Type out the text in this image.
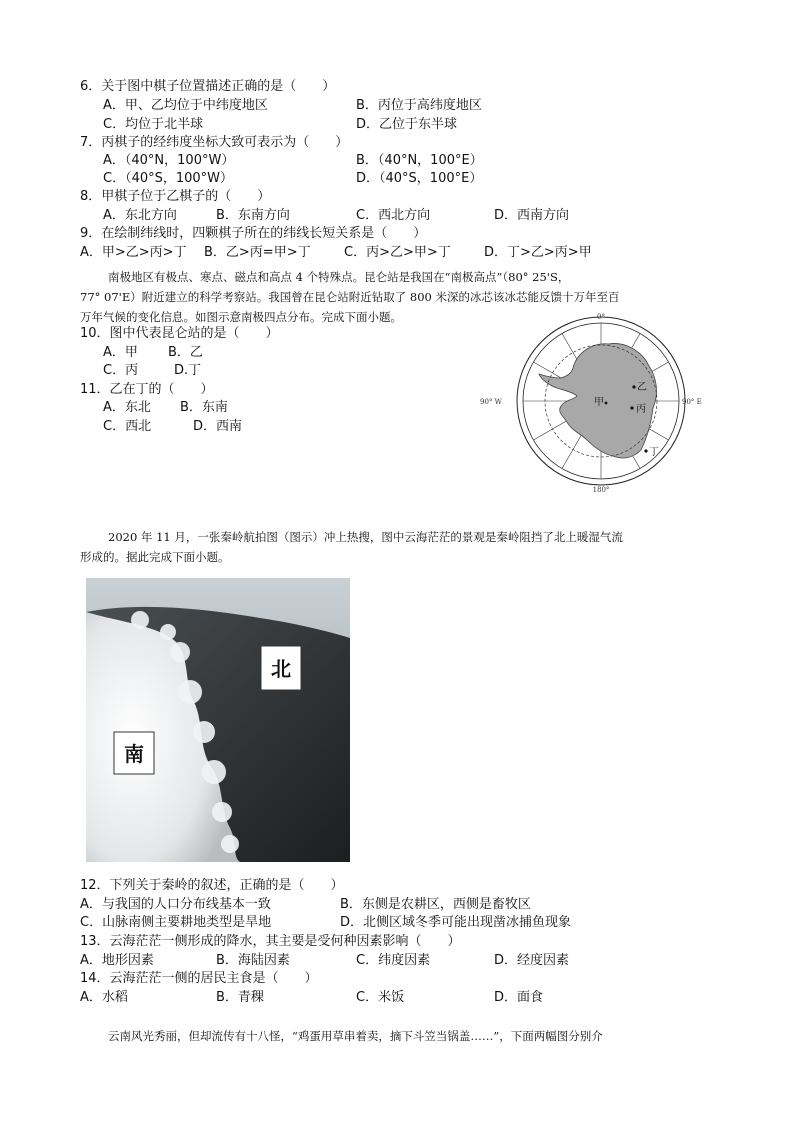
6．关于图中棋子位置描述正确的是（　　）
A．甲、乙均位于中纬度地区	B．丙位于高纬度地区
C．均位于北半球	D．乙位于东半球
7．丙棋子的经纬度坐标大致可表示为（　　）
A．（40°N，100°W）	B．（40°N，100°E）
C．（40°S，100°W）	D．（40°S，100°E）
8．甲棋子位于乙棋子的（　　）
A．东北方向	B．东南方向	C．西北方向	D．西南方向
9．在绘制纬线时，四颗棋子所在的纬线长短关系是（　　）
A．甲>乙>丙>丁 B．乙>丙=甲>丁	C．丙>乙>甲>丁	D．丁>乙>丙>甲
南极地区有极点、寒点、磁点和高点 4 个特殊点。昆仑站是我国在“南极高点”（80° 25'S，
77° 07'E）附近建立的科学考察站。我国曾在昆仑站附近钻取了 800 米深的冰芯该冰芯能反馈十万年至百
万年气候的变化信息。如图示意南极四点分布。完成下面小题。
10．图中代表昆仑站的是（　　）
A．甲 B．乙
C．丙	D.丁
11．乙在丁的（　　）
A．东北 B．东南
C．西北	D．西南
0°
180°
90° W	90° E
甲
乙
丙
丁
2020 年 11 月，一张秦岭航拍图（图示）冲上热搜，图中云海茫茫的景观是秦岭阻挡了北上暖湿气流
形成的。据此完成下面小题。
北
南
12．下列关于秦岭的叙述，正确的是（　　）
A．与我国的人口分布线基本一致	B．东侧是农耕区，西侧是畜牧区
C．山脉南侧主要耕地类型是旱地	D．北侧区域冬季可能出现凿冰捕鱼现象
13．云海茫茫一侧形成的降水，其主要是受何种因素影响（　　）
A．地形因素	B．海陆因素	C．纬度因素	D．经度因素
14．云海茫茫一侧的居民主食是（　　）
A．水稻	B．青稞	C．米饭	D．面食
云南风光秀丽，但却流传有十八怪，“鸡蛋用草串着卖，摘下斗笠当锅盖……”，下面两幅图分别介
